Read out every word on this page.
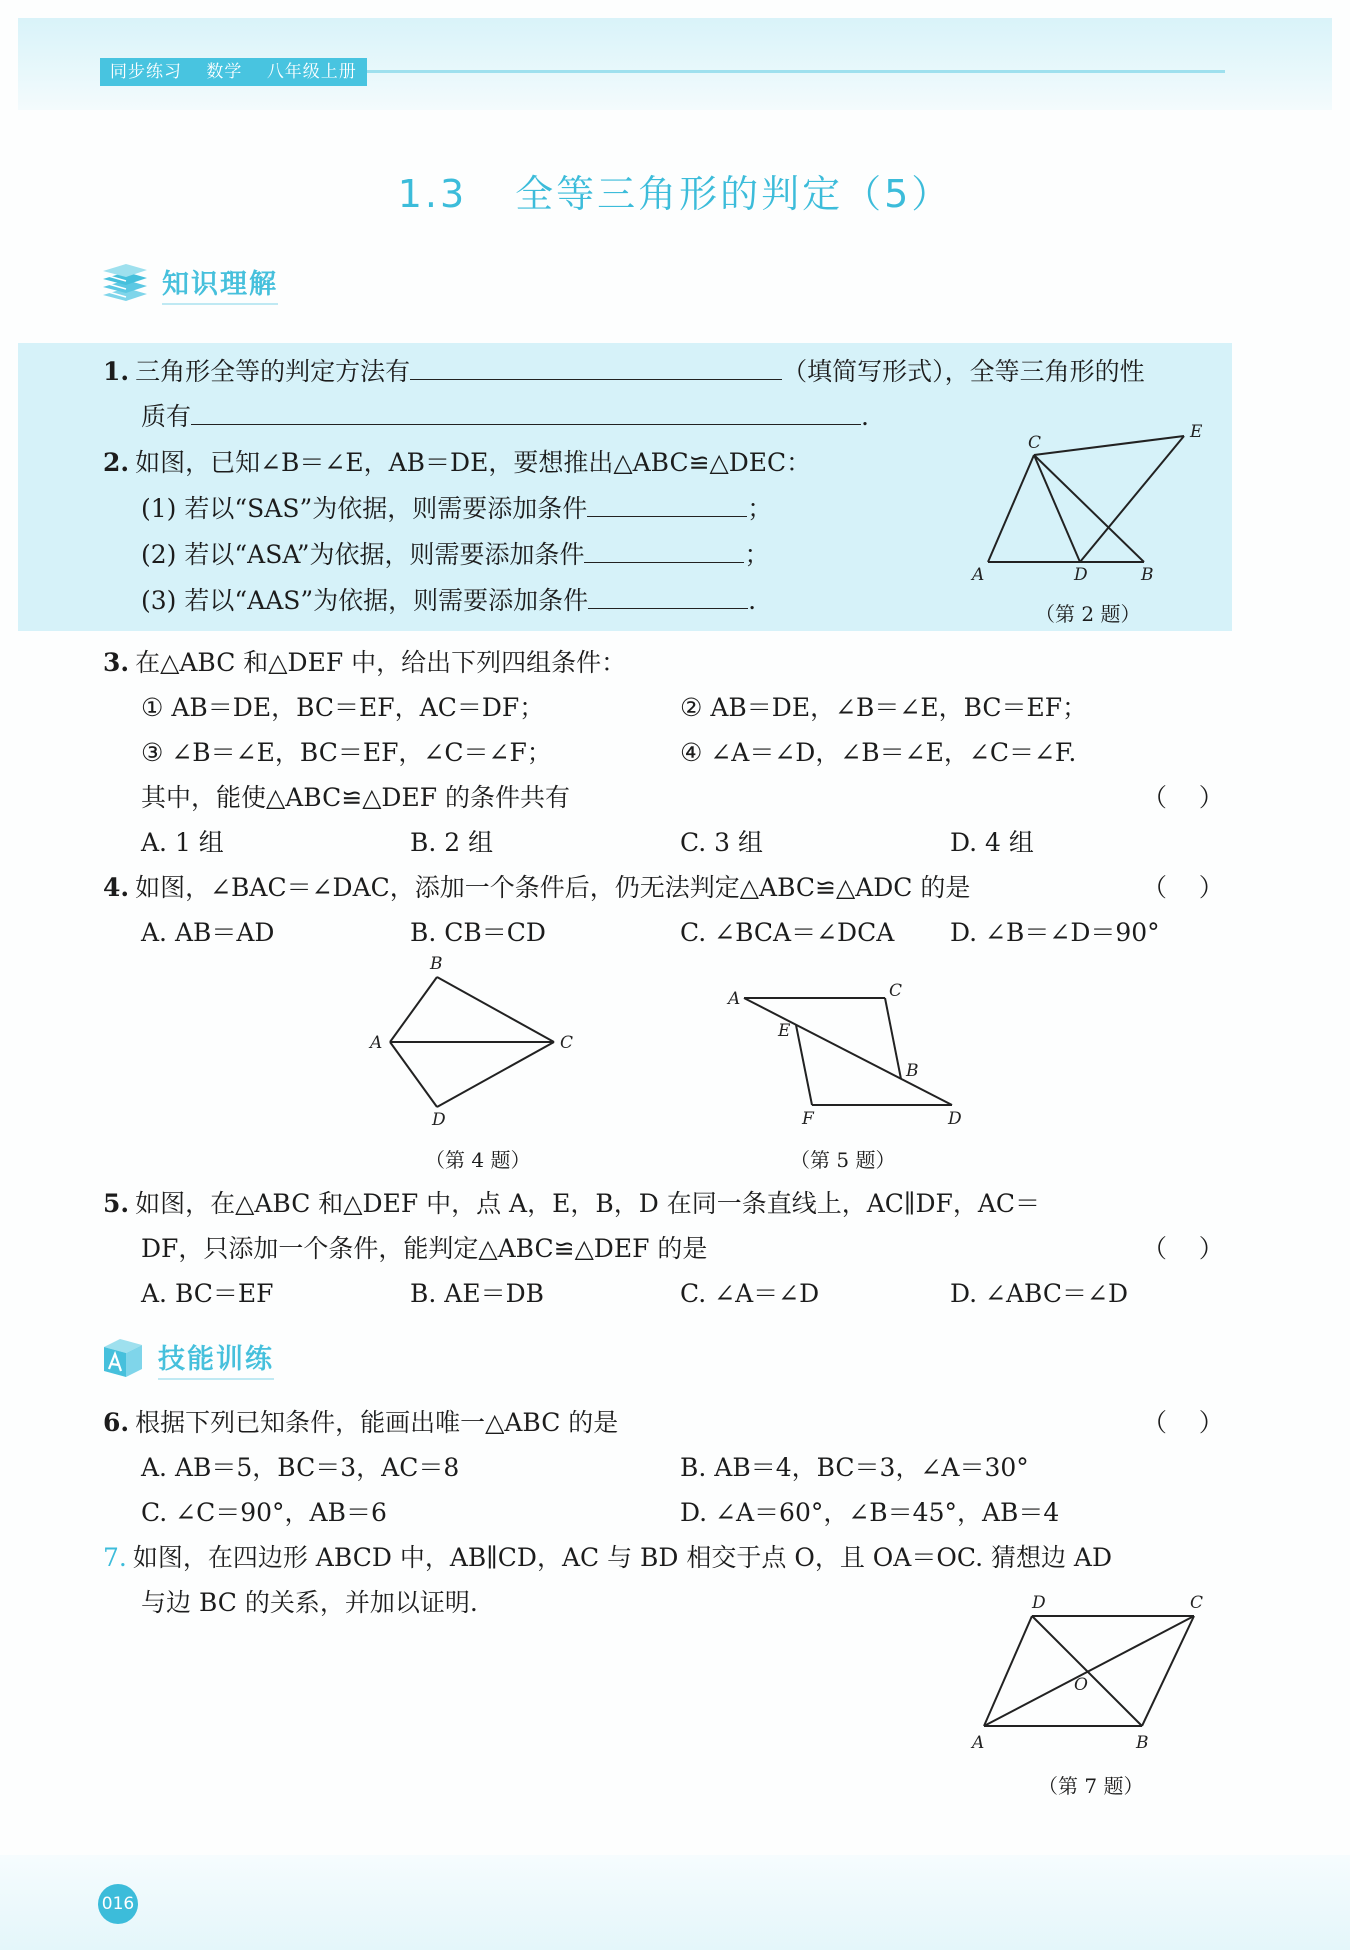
同步练习 数学 八年级上册
1.3 全等三角形的判定（5）
知识理解
1. 三角形全等的判定方法有	（填简写形式），全等三角形的性
质有	.
2. 如图，已知∠B＝∠E，AB＝DE，要想推出△ABC≌△DEC：
(1) 若以“SAS”为依据，则需要添加条件	；
(2) 若以“ASA”为依据，则需要添加条件	；
(3) 若以“AAS”为依据，则需要添加条件	.
A
C
D	B
E
（第 2 题）
3. 在△ABC 和△DEF 中，给出下列四组条件：
① AB＝DE，BC＝EF，AC＝DF；	② AB＝DE，∠B＝∠E，BC＝EF；
③ ∠B＝∠E，BC＝EF，∠C＝∠F；	④ ∠A＝∠D，∠B＝∠E，∠C＝∠F.
其中，能使△ABC≌△DEF 的条件共有	（    ）
A. 1 组	B. 2 组	C. 3 组	D. 4 组
4. 如图，∠BAC＝∠DAC，添加一个条件后，仍无法判定△ABC≌△ADC 的是	（    ）
A. AB＝AD	B. CB＝CD	C. ∠BCA＝∠DCA D. ∠B＝∠D＝90°
A
B
C
D
（第 4 题）
A	C
E
B
F	D
（第 5 题）
5. 如图，在△ABC 和△DEF 中，点 A，E，B，D 在同一条直线上，AC∥DF，AC＝
DF，只添加一个条件，能判定△ABC≌△DEF 的是	（    ）
A. BC＝EF	B. AE＝DB	C. ∠A＝∠D	D. ∠ABC＝∠D
技能训练
6. 根据下列已知条件，能画出唯一△ABC 的是	（    ）
A. AB＝5，BC＝3，AC＝8	B. AB＝4，BC＝3，∠A＝30°
C. ∠C＝90°，AB＝6	D. ∠A＝60°，∠B＝45°，AB＝4
7. 如图，在四边形 ABCD 中，AB∥CD，AC 与 BD 相交于点 O，且 OA＝OC. 猜想边 AD
与边 BC 的关系，并加以证明.	D	C
O
A	B
（第 7 题）
016
